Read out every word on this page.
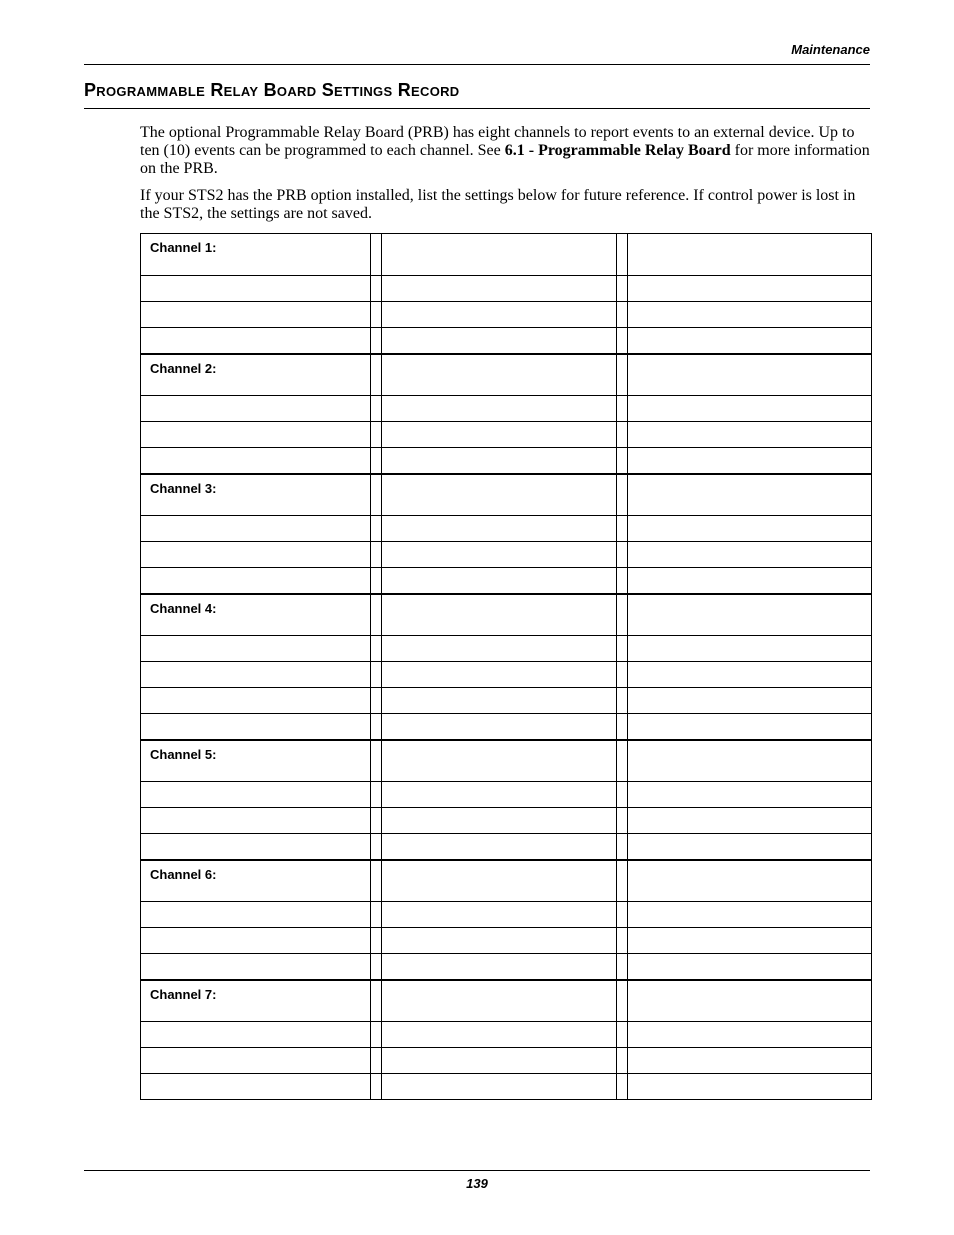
Maintenance
Programmable Relay Board Settings Record

The optional Programmable Relay Board (PRB) has eight channels to report events to an external device. Up to ten (10) events can be programmed to each channel. See 6.1 - Programmable Relay Board for more information on the PRB.

If your STS2 has the PRB option installed, list the settings below for future reference. If control power is lost in the STS2, the settings are not saved.

Channel 1:				

Channel 2:				

Channel 3:				

Channel 4:				

Channel 5:				

Channel 6:				

Channel 7:				

139
